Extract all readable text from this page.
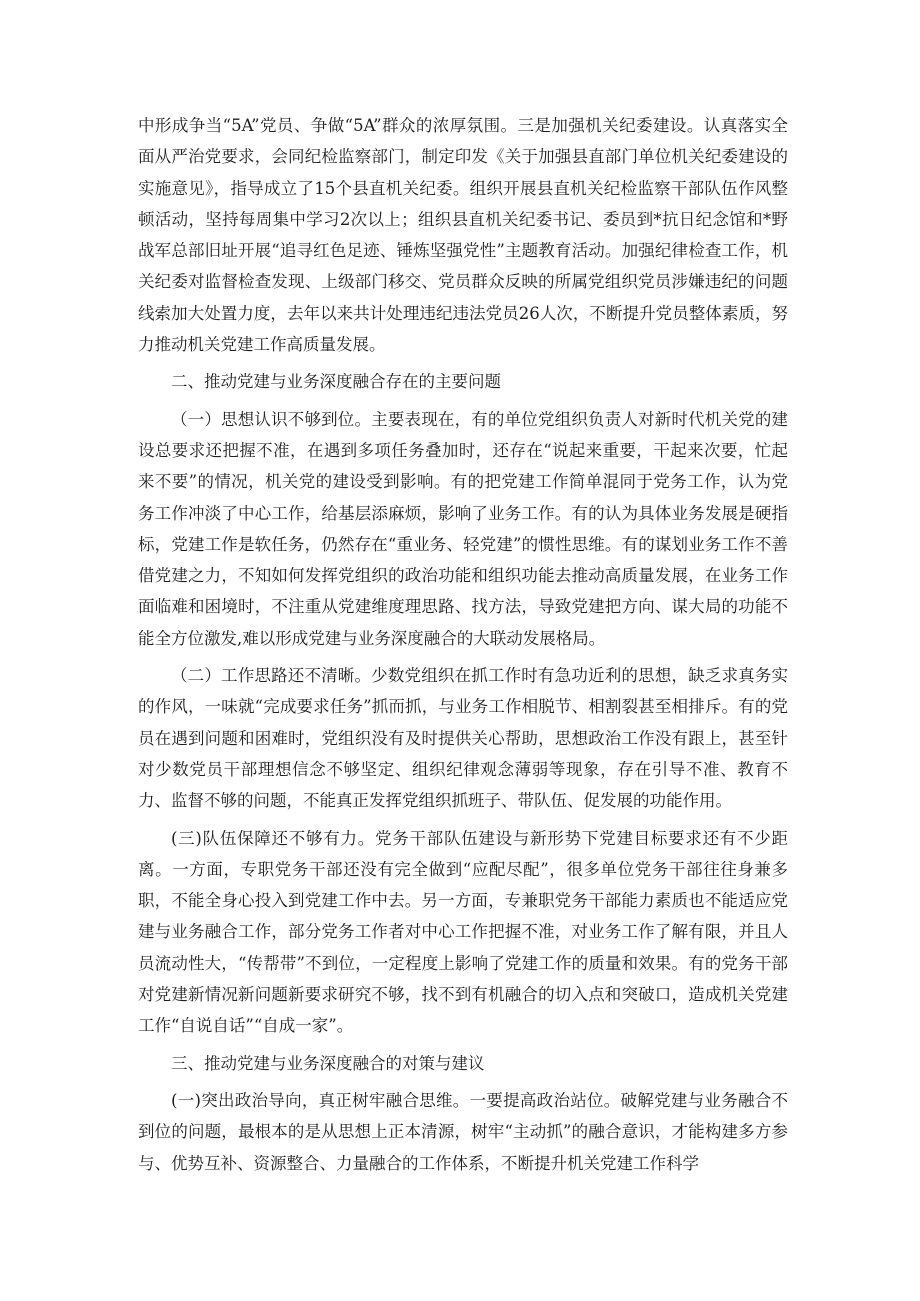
中形成争当“5A”党员、争做“5A”群众的浓厚氛围。三是加强机关纪委建设。认真落实全面从严治党要求，会同纪检监察部门，制定印发《关于加强县直部门单位机关纪委建设的实施意见》，指导成立了15个县直机关纪委。组织开展县直机关纪检监察干部队伍作风整顿活动，坚持每周集中学习2次以上；组织县直机关纪委书记、委员到*抗日纪念馆和*野战军总部旧址开展“追寻红色足迹、锤炼坚强党性”主题教育活动。加强纪律检查工作，机关纪委对监督检查发现、上级部门移交、党员群众反映的所属党组织党员涉嫌违纪的问题线索加大处置力度，去年以来共计处理违纪违法党员26人次，不断提升党员整体素质，努力推动机关党建工作高质量发展。

二、推动党建与业务深度融合存在的主要问题

（一）思想认识不够到位。主要表现在，有的单位党组织负责人对新时代机关党的建设总要求还把握不准，在遇到多项任务叠加时，还存在“说起来重要，干起来次要，忙起来不要”的情况，机关党的建设受到影响。有的把党建工作简单混同于党务工作，认为党务工作冲淡了中心工作，给基层添麻烦，影响了业务工作。有的认为具体业务发展是硬指标，党建工作是软任务，仍然存在“重业务、轻党建”的惯性思维。有的谋划业务工作不善借党建之力，不知如何发挥党组织的政治功能和组织功能去推动高质量发展，在业务工作面临难和困境时，不注重从党建维度理思路、找方法，导致党建把方向、谋大局的功能不能全方位激发,难以形成党建与业务深度融合的大联动发展格局。

（二）工作思路还不清晰。少数党组织在抓工作时有急功近利的思想，缺乏求真务实的作风，一味就“完成要求任务”抓而抓，与业务工作相脱节、相割裂甚至相排斥。有的党员在遇到问题和困难时，党组织没有及时提供关心帮助，思想政治工作没有跟上，甚至针对少数党员干部理想信念不够坚定、组织纪律观念薄弱等现象，存在引导不准、教育不力、监督不够的问题，不能真正发挥党组织抓班子、带队伍、促发展的功能作用。

(三)队伍保障还不够有力。党务干部队伍建设与新形势下党建目标要求还有不少距离。一方面，专职党务干部还没有完全做到“应配尽配”，很多单位党务干部往往身兼多职，不能全身心投入到党建工作中去。另一方面，专兼职党务干部能力素质也不能适应党建与业务融合工作，部分党务工作者对中心工作把握不准，对业务工作了解有限，并且人员流动性大，“传帮带”不到位，一定程度上影响了党建工作的质量和效果。有的党务干部对党建新情况新问题新要求研究不够，找不到有机融合的切入点和突破口，造成机关党建工作“自说自话”“自成一家”。

三、推动党建与业务深度融合的对策与建议

(一)突出政治导向，真正树牢融合思维。一要提高政治站位。破解党建与业务融合不到位的问题，最根本的是从思想上正本清源，树牢“主动抓”的融合意识，才能构建多方参与、优势互补、资源整合、力量融合的工作体系，不断提升机关党建工作科学
